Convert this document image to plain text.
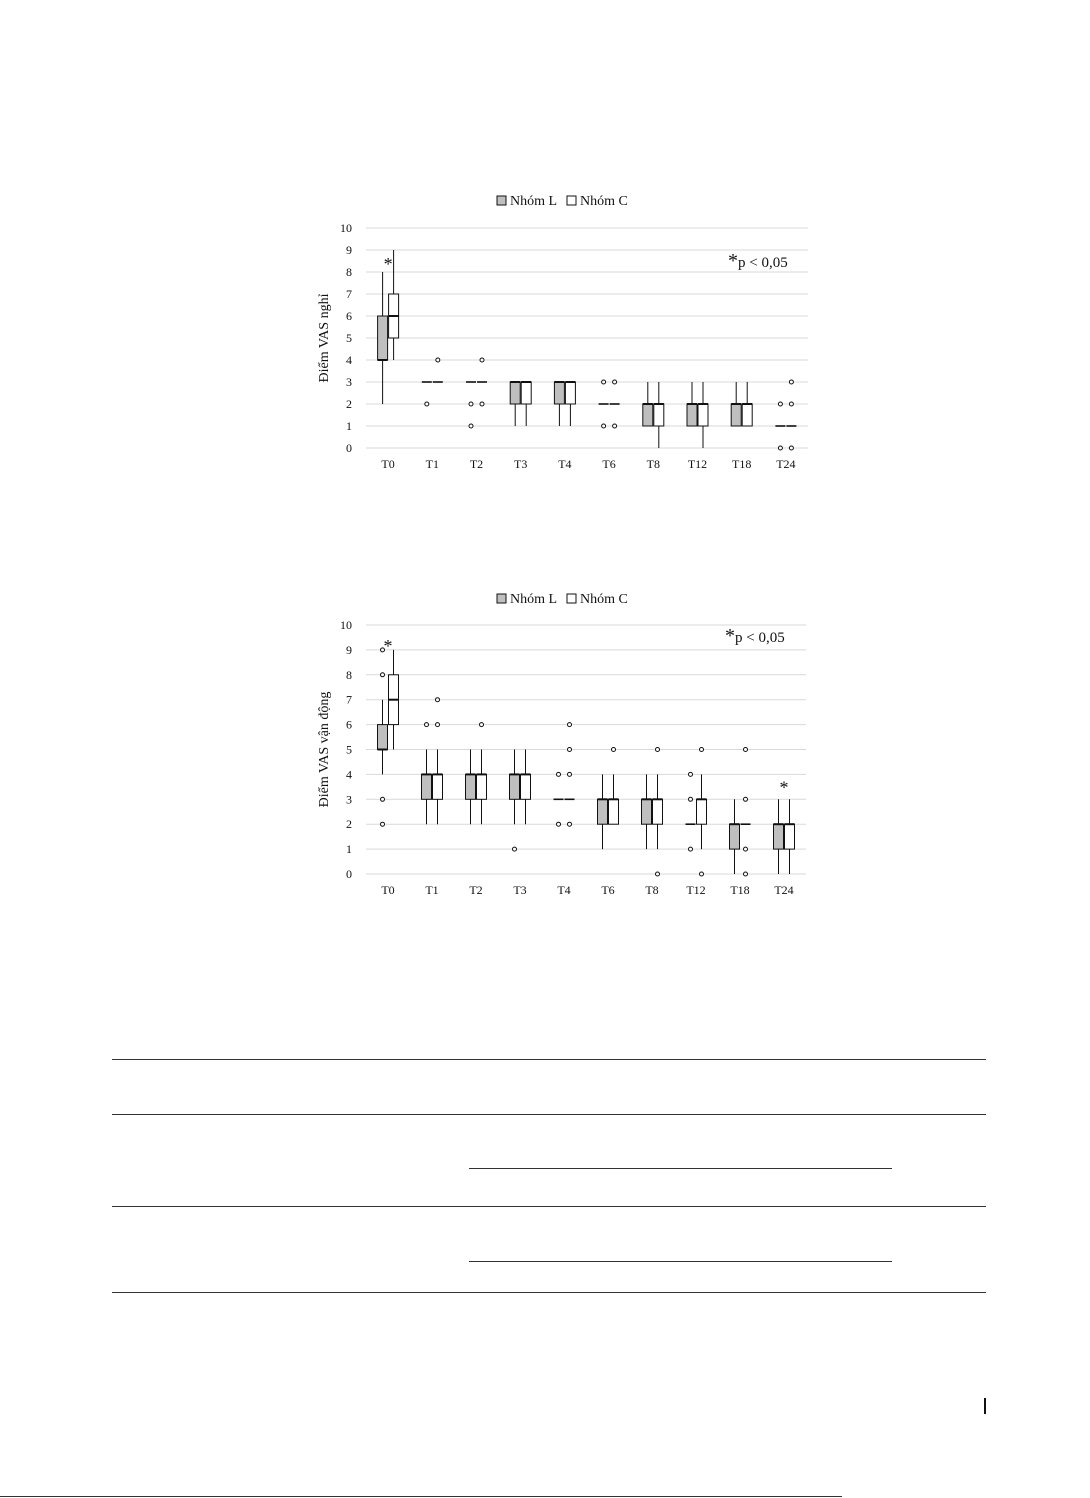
0
1
2
3
4
5
6
7
8
9
10
Điểm VAS nghỉ
Nhóm L Nhóm C
*p < 0,05
T0	T1	T2	T3	T4	T6	T8 T12 T18 T24
*
0
1
2
3
4
5
6
7
8
9
10
Điểm VAS vận động
Nhóm L Nhóm C
*p < 0,05
T0	T1	T2	T3	T4	T6	T8 T12 T18 T24
*
*
